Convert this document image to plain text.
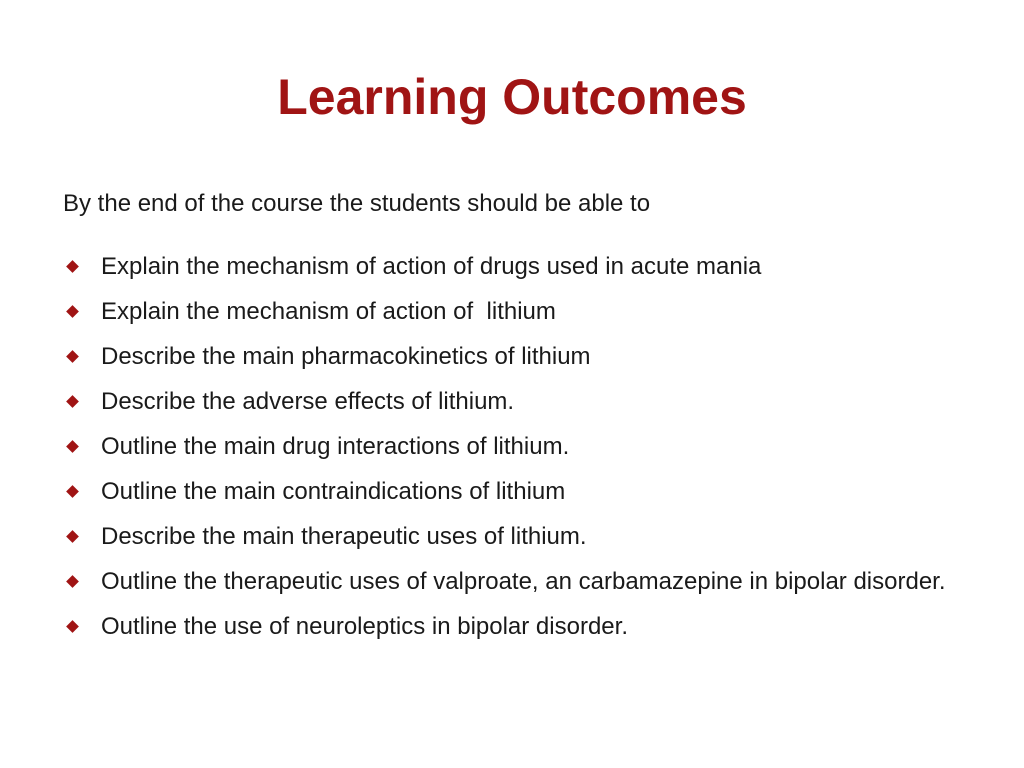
Learning Outcomes

By the end of the course the students should be able to

Explain the mechanism of action of drugs used in acute mania
Explain the mechanism of action of  lithium
Describe the main pharmacokinetics of lithium
Describe the adverse effects of lithium.
Outline the main drug interactions of lithium.
Outline the main contraindications of lithium
Describe the main therapeutic uses of lithium.
Outline the therapeutic uses of valproate, an carbamazepine in bipolar disorder.
Outline the use of neuroleptics in bipolar disorder.
